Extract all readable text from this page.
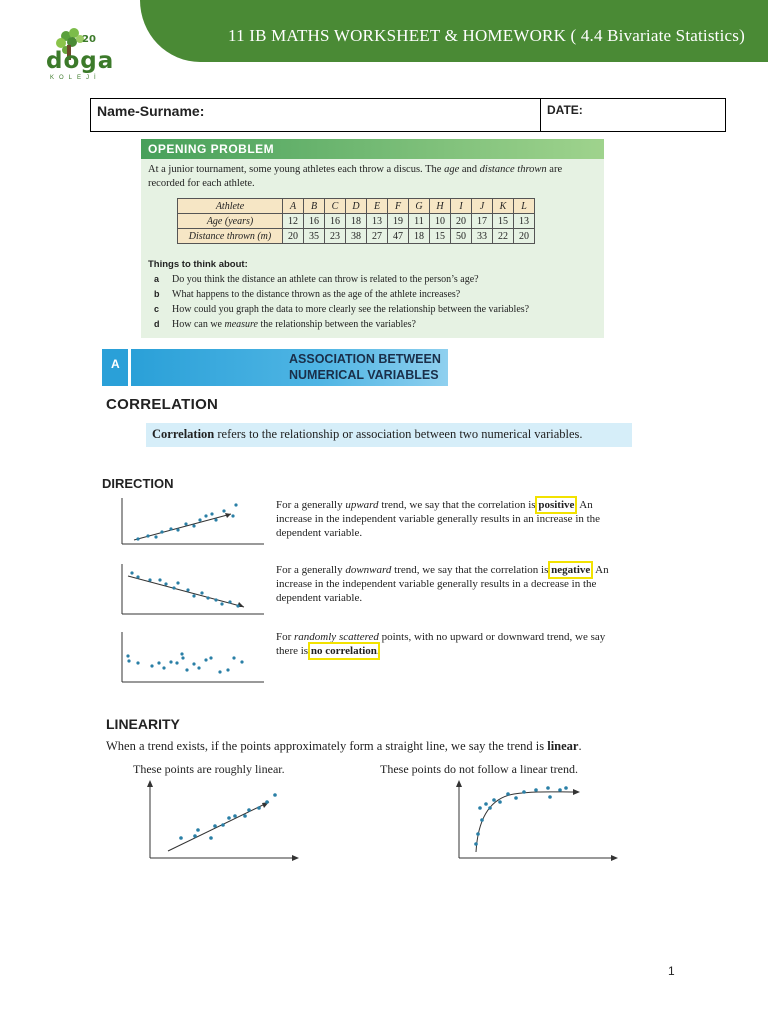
11 IB MATHS WORKSHEET & HOMEWORK ( 4.4 Bivariate Statistics)
20
doga
KOLEJİ
Name-Surname:	DATE:
OPENING PROBLEM
At a junior tournament, some young athletes each throw a discus. The age and distance thrown are recorded for each athlete.
Athlete	A	B	C	D	E	F	G	H	I	J	K	L
Age (years)	12	16	16	18	13	19	11	10	20	17	15	13
Distance thrown (m)	20	35	23	38	27	47	18	15	50	33	22	20
Things to think about:
a Do you think the distance an athlete can throw is related to the person’s age?
b What happens to the distance thrown as the age of the athlete increases?
c How could you graph the data to more clearly see the relationship between the variables?
d How can we measure the relationship between the variables?
A	ASSOCIATION BETWEEN
NUMERICAL VARIABLES
CORRELATION
Correlation refers to the relationship or association between two numerical variables.
DIRECTION
For a generally upward trend, we say that the correlation is positive. An increase in the independent variable generally results in an increase in the dependent variable.
For a generally downward trend, we say that the correlation is negative. An increase in the independent variable generally results in a decrease in the dependent variable.
For randomly scattered points, with no upward or downward trend, we say there is no correlation.
LINEARITY
When a trend exists, if the points approximately form a straight line, we say the trend is linear.
These points are roughly linear.	These points do not follow a linear trend.
1
